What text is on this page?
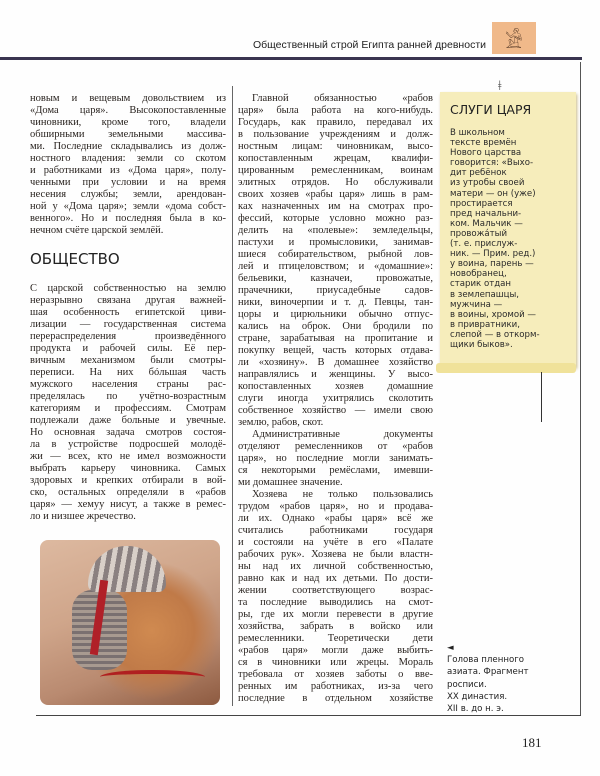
Общественный строй Египта ранней древности 𓀀
новым и вещевым довольствием из
«Дома царя». Высокопоставленные
чиновники, кроме того, владели
обширными земельными массива-
ми. Последние складывались из долж-
ностного владения: земли со скотом
и работниками из «Дома царя», полу-
ченными при условии и на время
несения службы; земли, арендован-
ной у «Дома царя»; земли «дома собст-
венного». Но и последняя была в ко-
нечном счёте царской землёй.
ОБЩЕСТВО
С царской собственностью на землю
неразрывно связана другая важней-
шая особенность египетской циви-
лизации — государственная система
перераспределения произведённого
продукта и рабочей силы. Её пер-
вичным механизмом были смотры-
переписи. На них бóльшая часть
мужского населения страны рас-
пределялась по учётно-возрастным
категориям и профессиям. Смотрам
подлежали даже больные и увечные.
Но основная задача смотров состоя-
ла в устройстве подросшей молодё-
жи — всех, кто не имел возможности
выбрать карьеру чиновника. Самых
здоровых и крепких отбирали в вой-
ско, остальных определяли в «рабов
царя» — хемуу нисут, а также в ремес-
ло и низшее жречество.
Главной обязанностью «рабов
царя» была работа на кого-нибудь.
Государь, как правило, передавал их
в пользование учреждениям и долж-
ностным лицам: чиновникам, высо-
копоставленным жрецам, квалифи-
цированным ремесленникам, воинам
элитных отрядов. Но обслуживали
своих хозяев «рабы царя» лишь в рам-
ках назначенных им на смотрах про-
фессий, которые условно можно раз-
делить на «полевые»: земледельцы,
пастухи и промысловики, занимав-
шиеся собирательством, рыбной лов-
лей и птицеловством; и «домашние»:
бельевики, казначеи, провожатые,
прачечники, приусадебные садов-
ники, виночерпии и т. д. Певцы, тан-
цоры и цирюльники обычно отпус-
кались на оброк. Они бродили по
стране, зарабатывая на пропитание и
покупку вещей, часть которых отдава-
ли «хозяину». В домашнее хозяйство
направлялись и женщины. У высо-
копоставленных хозяев домашние
слуги иногда ухитрялись сколотить
собственное хозяйство — имели свою
землю, рабов, скот.
Административные документы
отделяют ремесленников от «рабов
царя», но последние могли занимать-
ся некоторыми ремёслами, имевши-
ми домашнее значение.
Хозяева не только пользовались
трудом «рабов царя», но и продава-
ли их. Однако «рабы царя» всё же
считались работниками государя
и состояли на учёте в его «Палате
рабочих рук». Хозяева не были властн-
ны над их личной собственностью,
равно как и над их детьми. По дости-
жении соответствующего возрас-
та последние выводились на смот-
ры, где их могли перевести в другие
хозяйства, забрать в войско или
ремесленники. Теоретически дети
«рабов царя» могли даже выбить-
ся в чиновники или жрецы. Мораль
требовала от хозяев заботы о вве-
ренных им работниках, из-за чего
последние в отдельном хозяйстве
ǂ
СЛУГИ ЦАРЯ
В школьном
тексте времён
Нового царства
говорится: «Выхо-
дит ребёнок
из утробы своей
матери — он (уже)
простирается
пред начальни-
ком. Мальчик —
провожа́тый
(т. е. прислуж-
ник. — Прим. ред.)
у воина, парень —
новобранец,
старик отдан
в землепашцы,
мужчина —
в воины, хромой —
в привратники,
слепой — в откорм-
щики быков».
◄
Голова пленного
азиата. Фрагмент
росписи.
XX династия.
XII в. до н. э.
181
